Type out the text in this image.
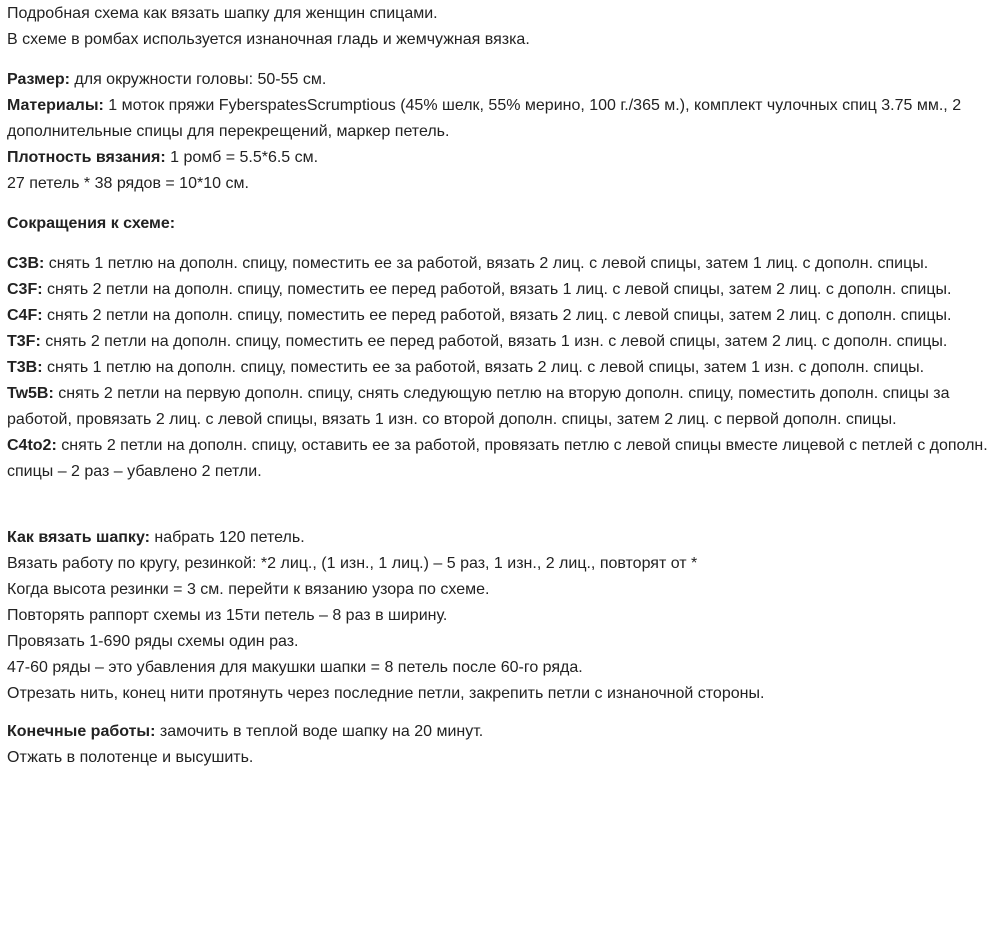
Подробная схема как вязать шапку для женщин спицами.

В схеме в ромбах используется изнаночная гладь и жемчужная вязка.

Размер: для окружности головы: 50-55 см.

Материалы: 1 моток пряжи FyberspatesScrumptious (45% шелк, 55% мерино, 100 г./365 м.), комплект чулочных спиц 3.75 мм., 2 дополнительные спицы для перекрещений, маркер петель.

Плотность вязания: 1 ромб = 5.5*6.5 см.

27 петель * 38 рядов = 10*10 см.

Сокращения к схеме:

C3B: снять 1 петлю на дополн. спицу, поместить ее за работой, вязать 2 лиц. с левой спицы, затем 1 лиц. с дополн. спицы.

C3F: снять 2 петли на дополн. спицу, поместить ее перед работой, вязать 1 лиц. с левой спицы, затем 2 лиц. с дополн. спицы.

C4F: снять 2 петли на дополн. спицу, поместить ее перед работой, вязать 2 лиц. с левой спицы, затем 2 лиц. с дополн. спицы.

T3F: снять 2 петли на дополн. спицу, поместить ее перед работой, вязать 1 изн. с левой спицы, затем 2 лиц. с дополн. спицы.

T3B: снять 1 петлю на дополн. спицу, поместить ее за работой, вязать 2 лиц. с левой спицы, затем 1 изн. с дополн. спицы.

Tw5B: снять 2 петли на первую дополн. спицу, снять следующую петлю на вторую дополн. спицу, поместить дополн. спицы за работой, провязать 2 лиц. с левой спицы, вязать 1 изн. со второй дополн. спицы, затем 2 лиц. с первой дополн. спицы.

C4to2: снять 2 петли на дополн. спицу, оставить ее за работой, провязать петлю с левой спицы вместе лицевой с петлей с дополн. спицы – 2 раз – убавлено 2 петли.

Как вязать шапку: набрать 120 петель.

Вязать работу по кругу, резинкой: *2 лиц., (1 изн., 1 лиц.) – 5 раз, 1 изн., 2 лиц., повторят от *

Когда высота резинки = 3 см. перейти к вязанию узора по схеме.

Повторять раппорт схемы из 15ти петель – 8 раз в ширину.

Провязать 1-690 ряды схемы один раз.

47-60 ряды – это убавления для макушки шапки = 8 петель после 60-го ряда.

Отрезать нить, конец нити протянуть через последние петли, закрепить петли с изнаночной стороны.

Конечные работы: замочить в теплой воде шапку на 20 минут.

Отжать в полотенце и высушить.
